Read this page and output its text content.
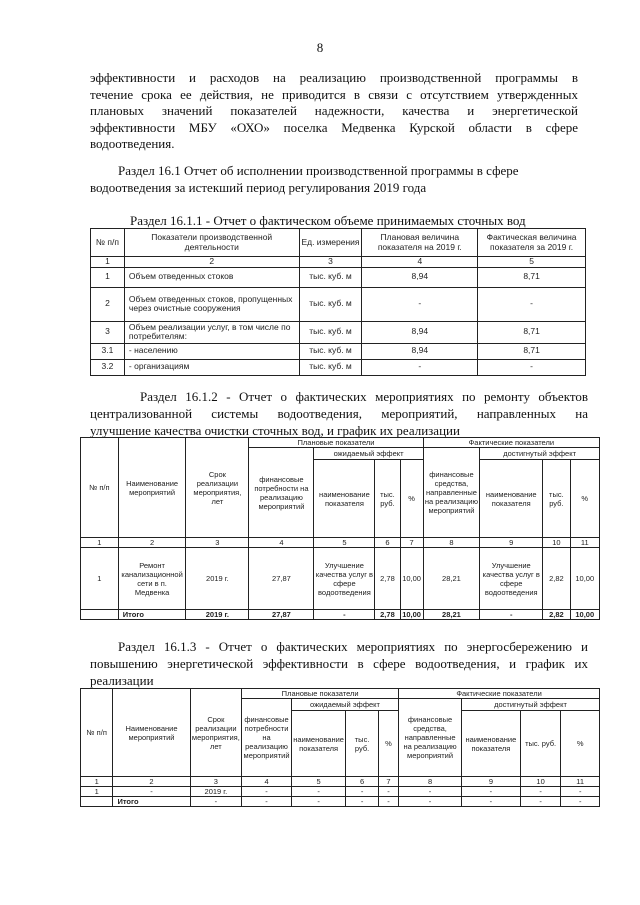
8
эффективности и расходов на реализацию производственной программы в
течение срока ее действия, не приводится в связи с отсутствием утвержденных
плановых значений показателей надежности, качества и энергетической
эффективности МБУ «ОХО» поселка Медвенка Курской области в сфере
водоотведения.
Раздел 16.1 Отчет об исполнении производственной программы в сфере
водоотведения за истекший период регулирования 2019 года
Раздел 16.1.1 - Отчет о фактическом объеме принимаемых сточных вод
№ п/п	Показатели производственной деятельности	Ед. измерения	Плановая величина показателя на 2019 г.	Фактическая величина показателя за 2019 г.
1	2	3	4	5
1	Объем отведенных стоков	тыс. куб. м	8,94	8,71
2	Объем отведенных стоков, пропущенных через очистные сооружения	тыс. куб. м	-	-
3	Объем реализации услуг, в том числе по потребителям:	тыс. куб. м	8,94	8,71
3.1	- населению	тыс. куб. м	8,94	8,71
3.2	- организациям	тыс. куб. м	-	-
Раздел 16.1.2 - Отчет о фактических мероприятиях по ремонту объектов
централизованной системы водоотведения, мероприятий, направленных на
улучшение качества очистки сточных вод, и график их реализации
№ п/п	Наименование мероприятий	Срок реализации мероприятия, лет	Плановые показатели				Фактические показатели			
			финансовые потребности на реализацию мероприятий	ожидаемый эффект			финансовые средства, направленные на реализацию мероприятий	достигнутый эффект		
				наименование показателя	тыс. руб.	%		наименование показателя	тыс. руб.	%
1	2	3	4	5	6	7	8	9	10	11
1	Ремонт канализационной сети в п. Медвенка	2019 г.	27,87	Улучшение качества услуг в сфере водоотведения	2,78	10,00	28,21	Улучшение качества услуг в сфере водоотведения	2,82	10,00
	Итого	2019 г.	27,87	-	2,78	10,00	28,21	-	2,82	10,00
Раздел 16.1.3 - Отчет о фактических мероприятиях по энергосбережению и
повышению энергетической эффективности в сфере водоотведения, и график их
реализации
№ п/п	Наименование мероприятий	Срок реализации мероприятия, лет	Плановые показатели				Фактические показатели			
			финансовые потребности на реализацию мероприятий	ожидаемый эффект			финансовые средства, направленные на реализацию мероприятий	достигнутый эффект		
				наименование показателя	тыс. руб.	%		наименование показателя	тыс. руб.	%
1	2	3	4	5	6	7	8	9	10	11
1	-	2019 г.	-	-	-	-	-	-	-	-
	Итого	-	-	-	-	-	-	-	-	-
